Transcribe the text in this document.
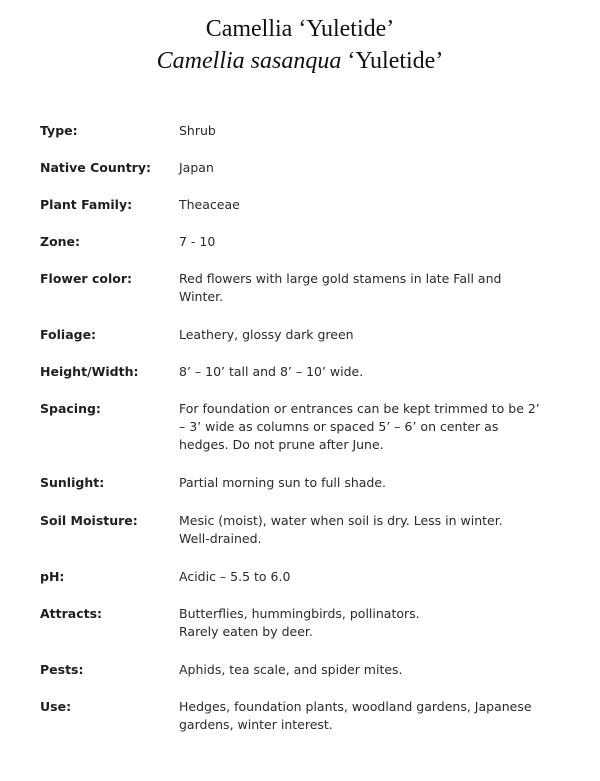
Camellia ‘Yuletide’
Camellia sasanqua ‘Yuletide’
Type:	Shrub
Native Country:	Japan
Plant Family:	Theaceae
Zone:	7 - 10
Flower color:	Red flowers with large gold stamens in late Fall and
Winter.
Foliage:	Leathery, glossy dark green
Height/Width:	8’ – 10’ tall and 8’ – 10’ wide.
Spacing:	For foundation or entrances can be kept trimmed to be 2’
– 3’ wide as columns or spaced 5’ – 6’ on center as
hedges. Do not prune after June.
Sunlight:	Partial morning sun to full shade.
Soil Moisture:	Mesic (moist), water when soil is dry. Less in winter.
Well-drained.
pH:	Acidic – 5.5 to 6.0
Attracts:	Butterflies, hummingbirds, pollinators.
Rarely eaten by deer.
Pests:	Aphids, tea scale, and spider mites.
Use:	Hedges, foundation plants, woodland gardens, Japanese
gardens, winter interest.
